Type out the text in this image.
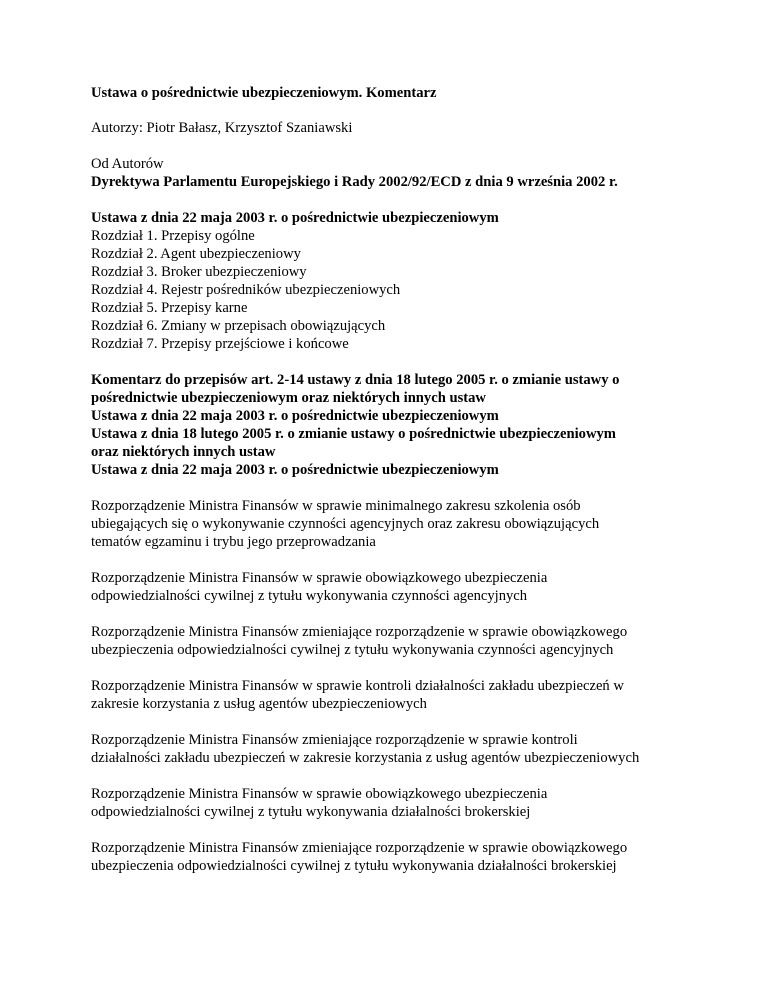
Ustawa o pośrednictwie ubezpieczeniowym. Komentarz
Autorzy: Piotr Bałasz, Krzysztof Szaniawski
Od Autorów
Dyrektywa Parlamentu Europejskiego i Rady 2002/92/ECD z dnia 9 września 2002 r.
Ustawa z dnia 22 maja 2003 r. o pośrednictwie ubezpieczeniowym
Rozdział 1. Przepisy ogólne
Rozdział 2. Agent ubezpieczeniowy
Rozdział 3. Broker ubezpieczeniowy
Rozdział 4. Rejestr pośredników ubezpieczeniowych
Rozdział 5. Przepisy karne
Rozdział 6. Zmiany w przepisach obowiązujących
Rozdział 7. Przepisy przejściowe i końcowe
Komentarz do przepisów art. 2-14 ustawy z dnia 18 lutego 2005 r. o zmianie ustawy o
pośrednictwie ubezpieczeniowym oraz niektórych innych ustaw
Ustawa z dnia 22 maja 2003 r. o pośrednictwie ubezpieczeniowym
Ustawa z dnia 18 lutego 2005 r. o zmianie ustawy o pośrednictwie ubezpieczeniowym
oraz niektórych innych ustaw
Ustawa z dnia 22 maja 2003 r. o pośrednictwie ubezpieczeniowym
Rozporządzenie Ministra Finansów w sprawie minimalnego zakresu szkolenia osób
ubiegających się o wykonywanie czynności agencyjnych oraz zakresu obowiązujących
tematów egzaminu i trybu jego przeprowadzania
Rozporządzenie Ministra Finansów w sprawie obowiązkowego ubezpieczenia
odpowiedzialności cywilnej z tytułu wykonywania czynności agencyjnych
Rozporządzenie Ministra Finansów zmieniające rozporządzenie w sprawie obowiązkowego
ubezpieczenia odpowiedzialności cywilnej z tytułu wykonywania czynności agencyjnych
Rozporządzenie Ministra Finansów w sprawie kontroli działalności zakładu ubezpieczeń w
zakresie korzystania z usług agentów ubezpieczeniowych
Rozporządzenie Ministra Finansów zmieniające rozporządzenie w sprawie kontroli
działalności zakładu ubezpieczeń w zakresie korzystania z usług agentów ubezpieczeniowych
Rozporządzenie Ministra Finansów w sprawie obowiązkowego ubezpieczenia
odpowiedzialności cywilnej z tytułu wykonywania działalności brokerskiej
Rozporządzenie Ministra Finansów zmieniające rozporządzenie w sprawie obowiązkowego
ubezpieczenia odpowiedzialności cywilnej z tytułu wykonywania działalności brokerskiej
